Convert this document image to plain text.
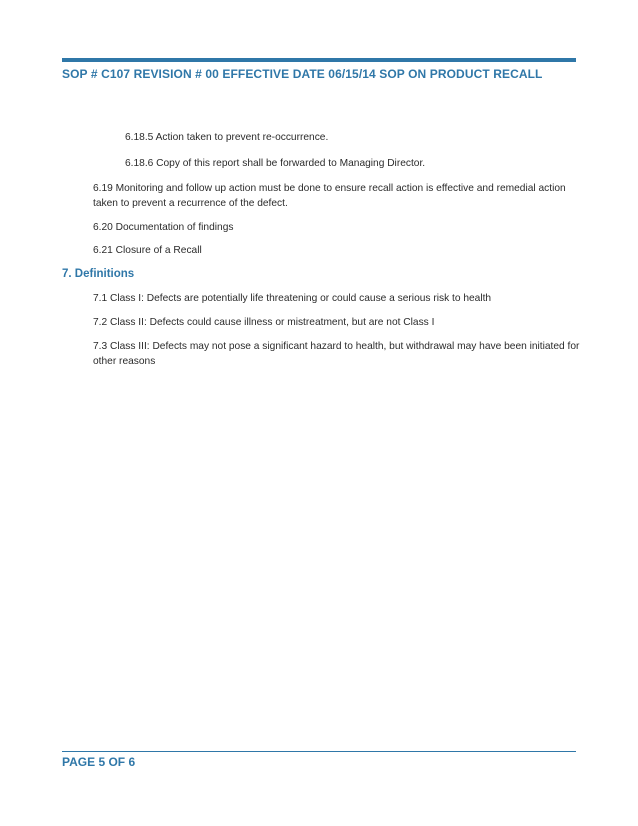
SOP # C107 REVISION # 00 EFFECTIVE DATE 06/15/14 SOP ON PRODUCT RECALL
6.18.5 Action taken to prevent re-occurrence.
6.18.6 Copy of this report shall be forwarded to Managing Director.
6.19 Monitoring and follow up action must be done to ensure recall action is effective and remedial action
taken to prevent a recurrence of the defect.
6.20 Documentation of findings
6.21 Closure of a Recall
7. Definitions
7.1 Class I: Defects are potentially life threatening or could cause a serious risk to health
7.2 Class II: Defects could cause illness or mistreatment, but are not Class I
7.3 Class III: Defects may not pose a significant hazard to health, but withdrawal may have been initiated for
other reasons
PAGE 5 OF 6
